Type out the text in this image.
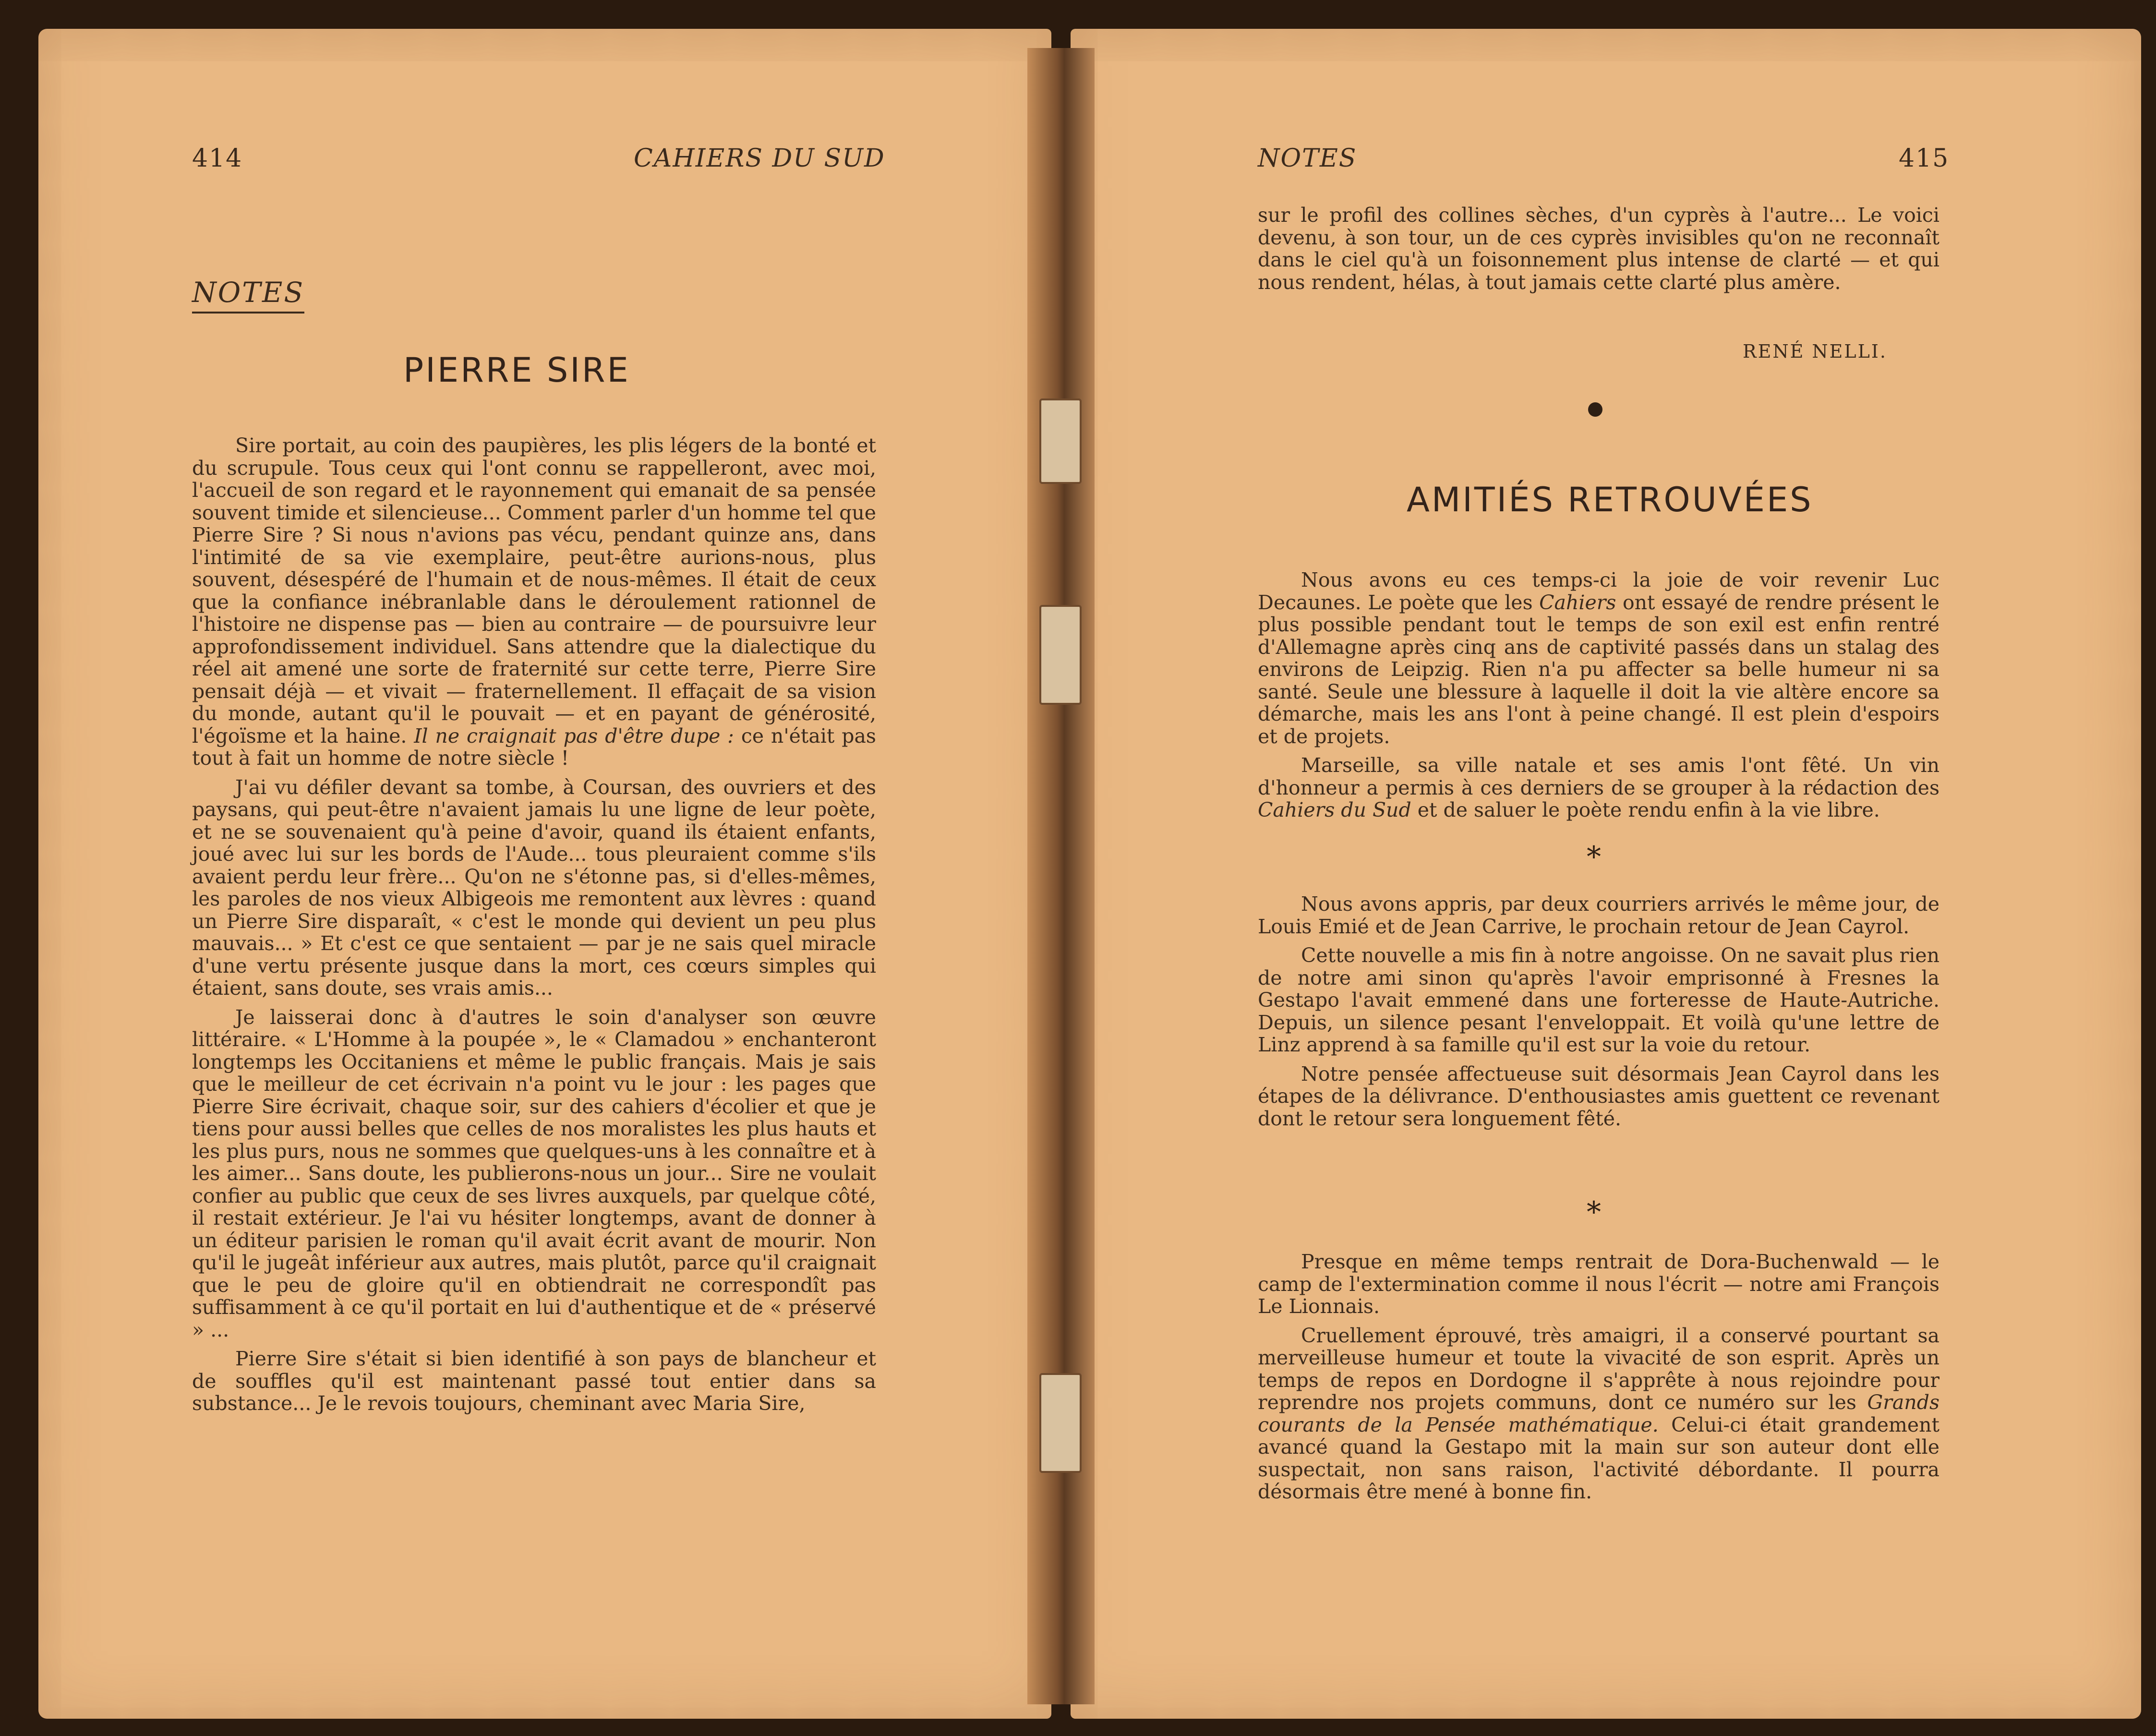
414	CAHIERS DU SUD
NOTES
PIERRE SIRE

Sire portait, au coin des paupières, les plis légers de la bonté et du scrupule. Tous ceux qui l'ont connu se rappelleront, avec moi, l'accueil de son regard et le rayonnement qui emanait de sa pensée souvent timide et silencieuse... Comment parler d'un homme tel que Pierre Sire ? Si nous n'avions pas vécu, pendant quinze ans, dans l'intimité de sa vie exemplaire, peut-être aurions-nous, plus souvent, désespéré de l'humain et de nous-mêmes. Il était de ceux que la confiance inébranlable dans le déroulement rationnel de l'histoire ne dispense pas — bien au contraire — de poursuivre leur approfondissement individuel. Sans attendre que la dialectique du réel ait amené une sorte de fraternité sur cette terre, Pierre Sire pensait déjà — et vivait — fraternellement. Il effaçait de sa vision du monde, autant qu'il le pouvait — et en payant de générosité, l'égoïsme et la haine. Il ne craignait pas d'être dupe : ce n'était pas tout à fait un homme de notre siècle !

J'ai vu défiler devant sa tombe, à Coursan, des ouvriers et des paysans, qui peut-être n'avaient jamais lu une ligne de leur poète, et ne se souvenaient qu'à peine d'avoir, quand ils étaient enfants, joué avec lui sur les bords de l'Aude... tous pleuraient comme s'ils avaient perdu leur frère... Qu'on ne s'étonne pas, si d'elles-mêmes, les paroles de nos vieux Albigeois me remontent aux lèvres : quand un Pierre Sire disparaît, « c'est le monde qui devient un peu plus mauvais... » Et c'est ce que sentaient — par je ne sais quel miracle d'une vertu présente jusque dans la mort, ces cœurs simples qui étaient, sans doute, ses vrais amis...

Je laisserai donc à d'autres le soin d'analyser son œuvre littéraire. « L'Homme à la poupée », le « Clamadou » enchanteront longtemps les Occitaniens et même le public français. Mais je sais que le meilleur de cet écrivain n'a point vu le jour : les pages que Pierre Sire écrivait, chaque soir, sur des cahiers d'écolier et que je tiens pour aussi belles que celles de nos moralistes les plus hauts et les plus purs, nous ne sommes que quelques-uns à les connaître et à les aimer... Sans doute, les publierons-nous un jour... Sire ne voulait confier au public que ceux de ses livres auxquels, par quelque côté, il restait extérieur. Je l'ai vu hésiter longtemps, avant de donner à un éditeur parisien le roman qu'il avait écrit avant de mourir. Non qu'il le jugeât inférieur aux autres, mais plutôt, parce qu'il craignait que le peu de gloire qu'il en obtiendrait ne correspondît pas suffisamment à ce qu'il portait en lui d'authentique et de « préservé » ...

Pierre Sire s'était si bien identifié à son pays de blancheur et de souffles qu'il est maintenant passé tout entier dans sa substance... Je le revois toujours, cheminant avec Maria Sire,

NOTES	415

sur le profil des collines sèches, d'un cyprès à l'autre... Le voici devenu, à son tour, un de ces cyprès invisibles qu'on ne reconnaît dans le ciel qu'à un foisonnement plus intense de clarté — et qui nous rendent, hélas, à tout jamais cette clarté plus amère.

RENÉ NELLI.
AMITIÉS RETROUVÉES

Nous avons eu ces temps-ci la joie de voir revenir Luc Decaunes. Le poète que les Cahiers ont essayé de rendre présent le plus possible pendant tout le temps de son exil est enfin rentré d'Allemagne après cinq ans de captivité passés dans un stalag des environs de Leipzig. Rien n'a pu affecter sa belle humeur ni sa santé. Seule une blessure à laquelle il doit la vie altère encore sa démarche, mais les ans l'ont à peine changé. Il est plein d'espoirs et de projets.

Marseille, sa ville natale et ses amis l'ont fêté. Un vin d'honneur a permis à ces derniers de se grouper à la rédaction des Cahiers du Sud et de saluer le poète rendu enfin à la vie libre.

*

Nous avons appris, par deux courriers arrivés le même jour, de Louis Emié et de Jean Carrive, le prochain retour de Jean Cayrol.

Cette nouvelle a mis fin à notre angoisse. On ne savait plus rien de notre ami sinon qu'après l'avoir emprisonné à Fresnes la Gestapo l'avait emmené dans une forteresse de Haute-Autriche. Depuis, un silence pesant l'enveloppait. Et voilà qu'une lettre de Linz apprend à sa famille qu'il est sur la voie du retour.

Notre pensée affectueuse suit désormais Jean Cayrol dans les étapes de la délivrance. D'enthousiastes amis guettent ce revenant dont le retour sera longuement fêté.

*

Presque en même temps rentrait de Dora-Buchenwald — le camp de l'extermination comme il nous l'écrit — notre ami François Le Lionnais.

Cruellement éprouvé, très amaigri, il a conservé pourtant sa merveilleuse humeur et toute la vivacité de son esprit. Après un temps de repos en Dordogne il s'apprête à nous rejoindre pour reprendre nos projets communs, dont ce numéro sur les Grands courants de la Pensée mathématique. Celui-ci était grandement avancé quand la Gestapo mit la main sur son auteur dont elle suspectait, non sans raison, l'activité débordante. Il pourra désormais être mené à bonne fin.
